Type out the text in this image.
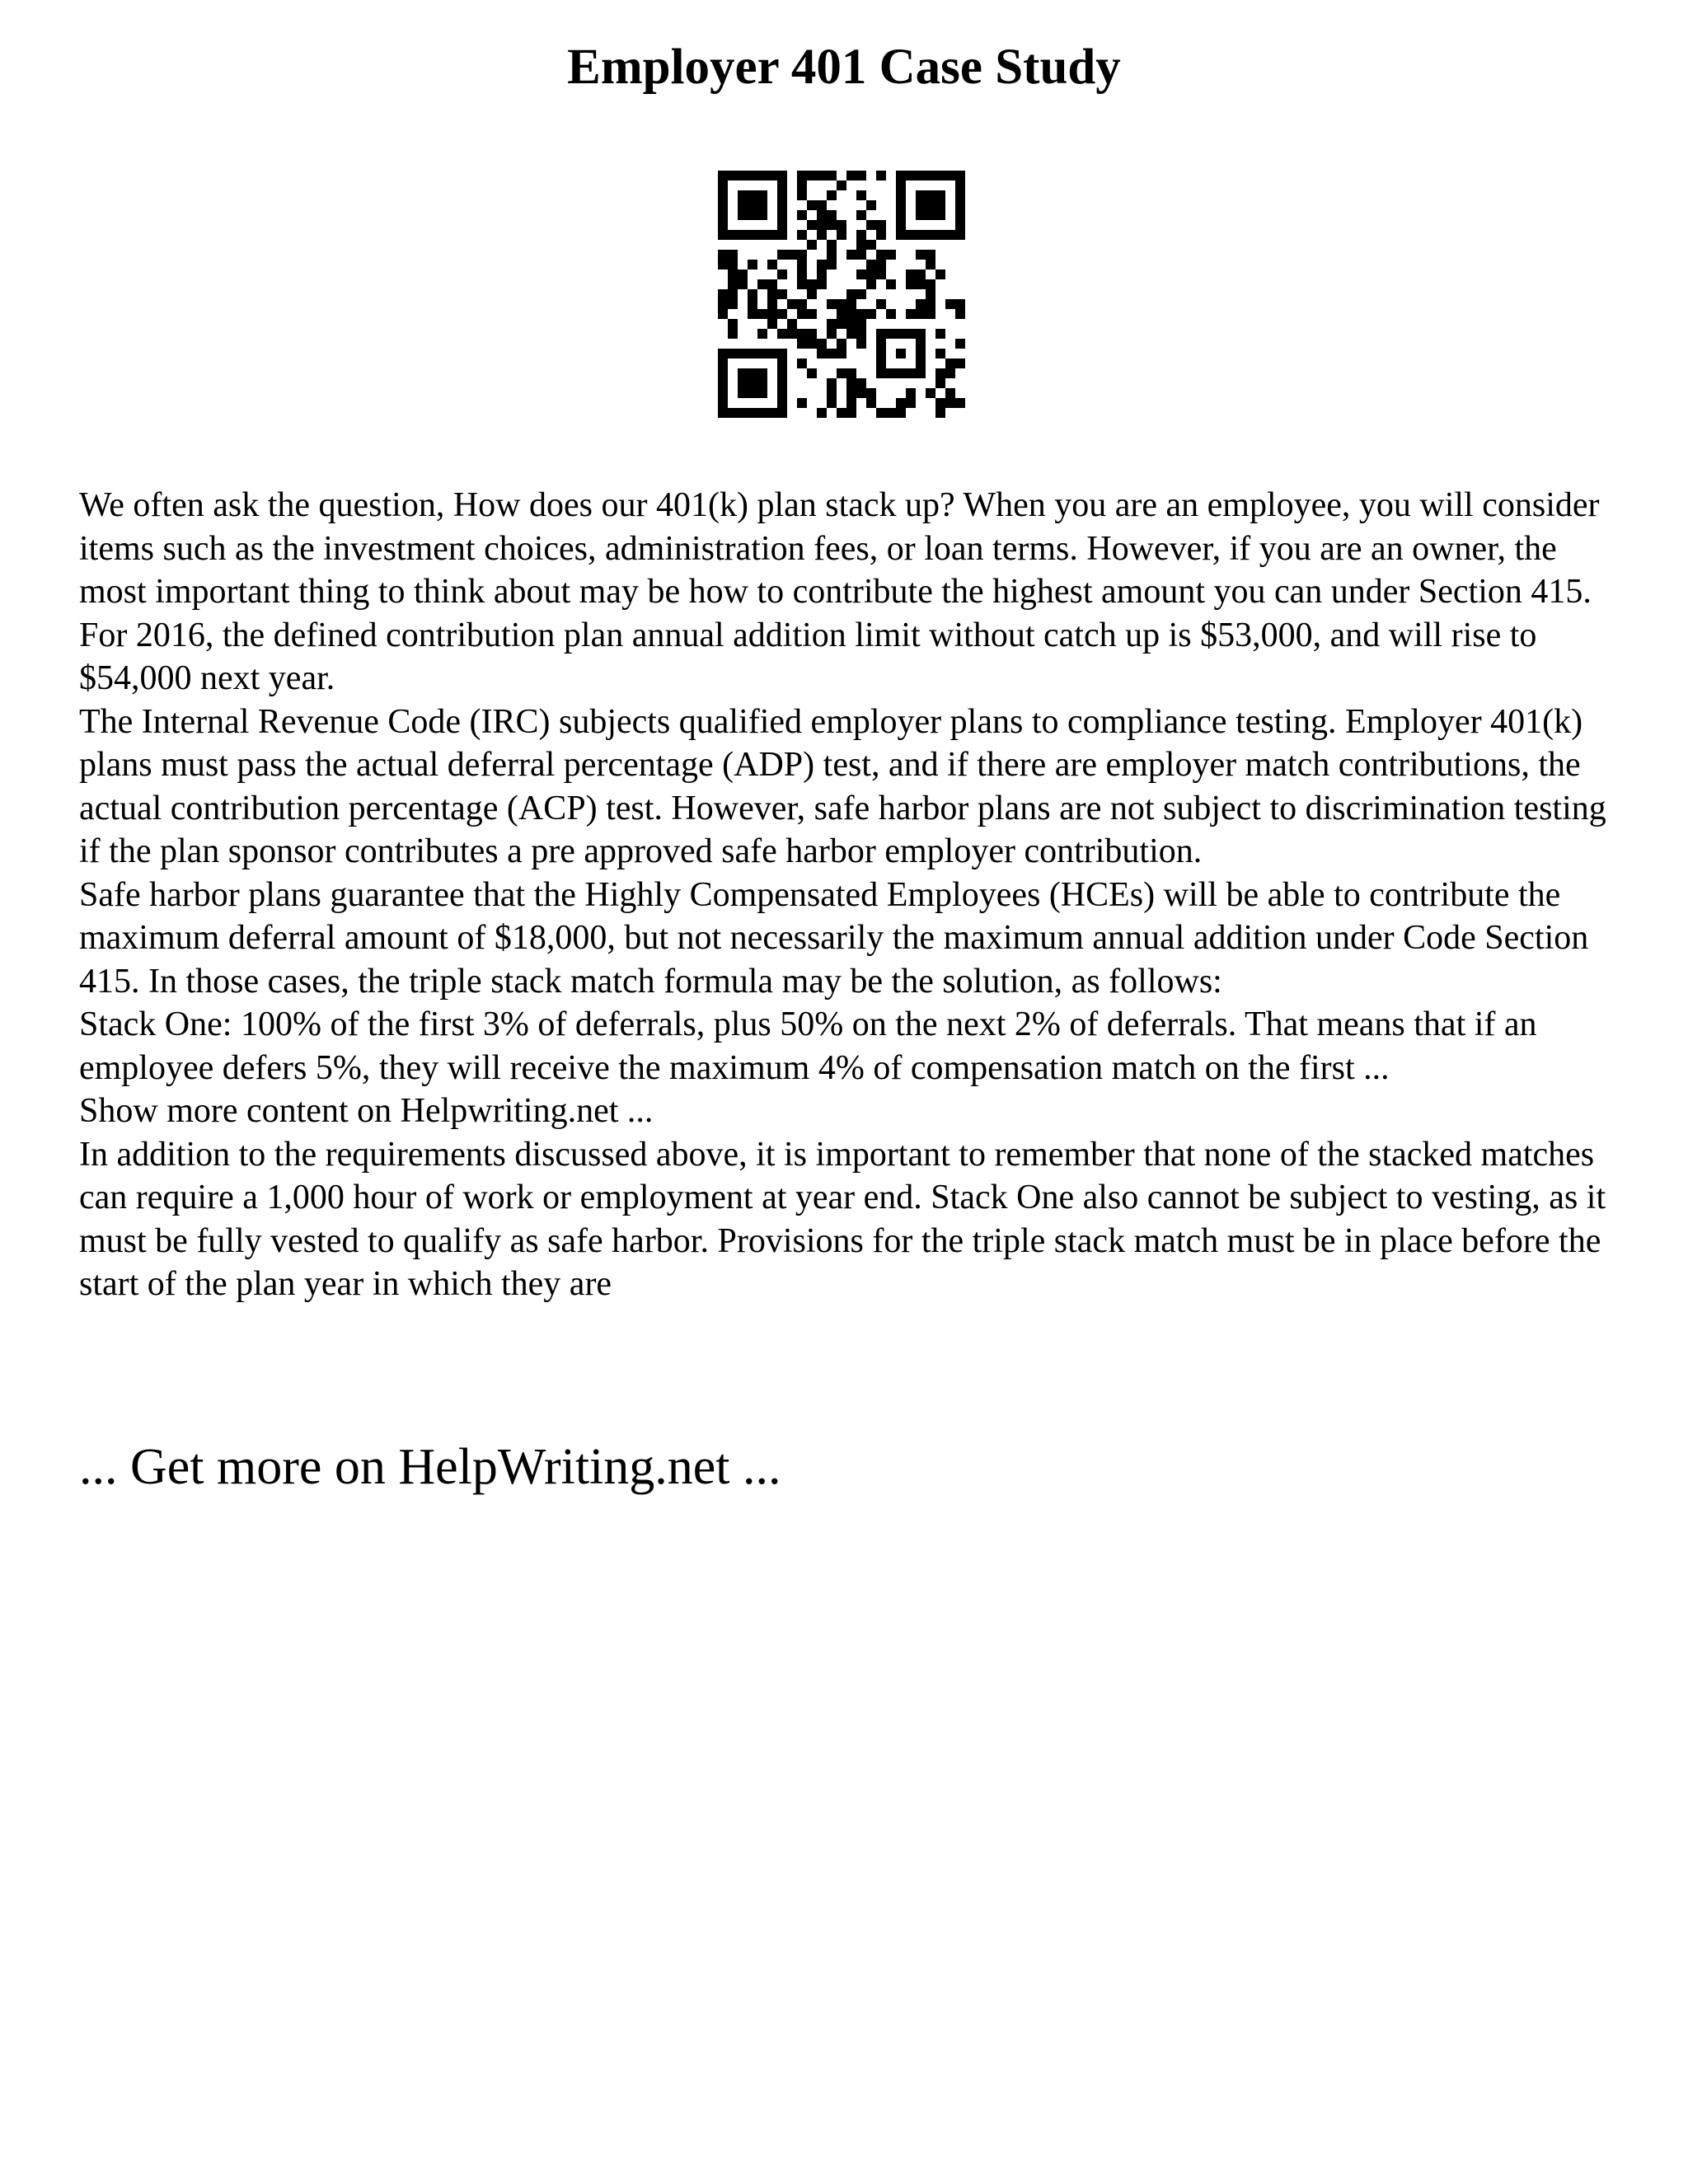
Employer 401 Case Study

We often ask the question, How does our 401(k) plan stack up? When you are an employee, you will consider items such as the investment choices, administration fees, or loan terms. However, if you are an owner, the most important thing to think about may be how to contribute the highest amount you can under Section 415. For 2016, the defined contribution plan annual addition limit without catch up is $53,000, and will rise to $54,000 next year.

The Internal Revenue Code (IRC) subjects qualified employer plans to compliance testing. Employer 401(k) plans must pass the actual deferral percentage (ADP) test, and if there are employer match contributions, the actual contribution percentage (ACP) test. However, safe harbor plans are not subject to discrimination testing if the plan sponsor contributes a pre approved safe harbor employer contribution.

Safe harbor plans guarantee that the Highly Compensated Employees (HCEs) will be able to contribute the maximum deferral amount of $18,000, but not necessarily the maximum annual addition under Code Section 415. In those cases, the triple stack match formula may be the solution, as follows:

Stack One: 100% of the first 3% of deferrals, plus 50% on the next 2% of deferrals. That means that if an employee defers 5%, they will receive the maximum 4% of compensation match on the first ...

Show more content on Helpwriting.net ...

In addition to the requirements discussed above, it is important to remember that none of the stacked matches can require a 1,000 hour of work or employment at year end. Stack One also cannot be subject to vesting, as it must be fully vested to qualify as safe harbor. Provisions for the triple stack match must be in place before the start of the plan year in which they are

... Get more on HelpWriting.net ...
